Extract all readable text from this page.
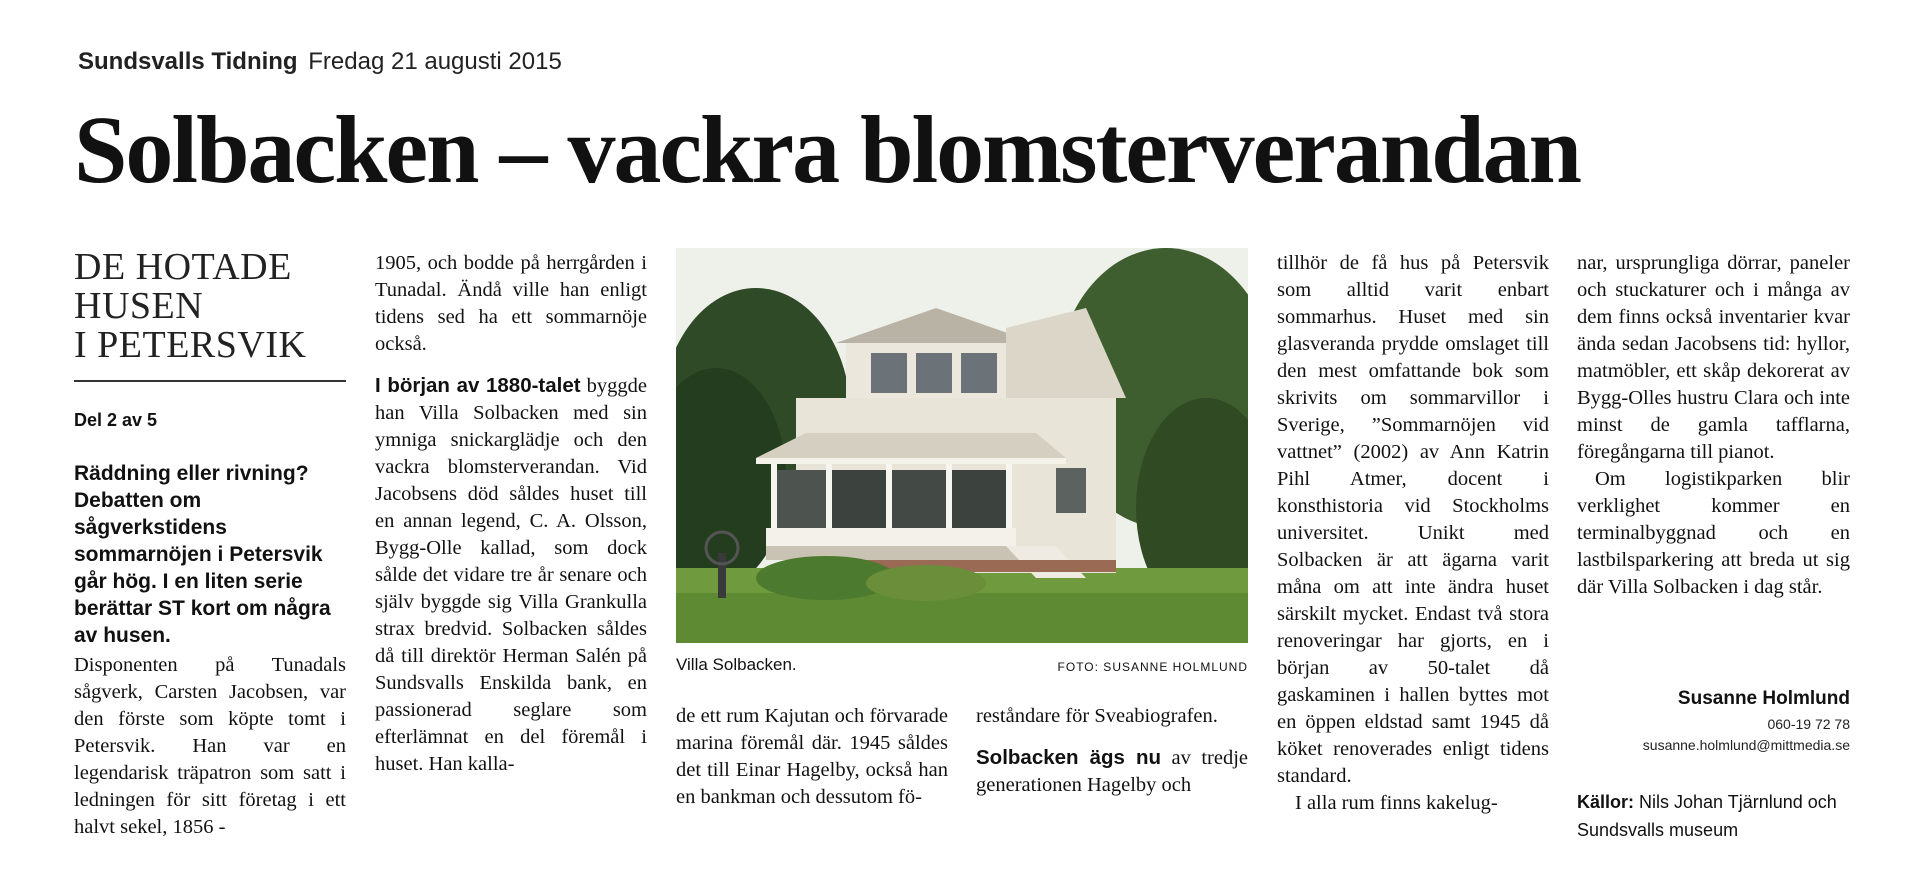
Sundsvalls Tidning Fredag 21 augusti 2015
Solbacken – vackra blomsterverandan
DE HOTADE
HUSEN
I PETERSVIK
Del 2 av 5
Räddning eller rivning? Debatten om sågverkstidens sommarnöjen i Petersvik går hög. I en liten serie berättar ST kort om några av husen.

Disponenten på Tunadals sågverk, Carsten Jacobsen, var den förste som köpte tomt i Petersvik. Han var en legendarisk träpatron som satt i ledningen för sitt företag i ett halvt sekel, 1856 -

1905, och bodde på herrgården i Tunadal. Ändå ville han enligt tidens sed ha ett sommarnöje också.

I början av 1880-talet byggde han Villa Solbacken med sin ymniga snickarglädje och den vackra blomsterverandan. Vid Jacobsens död såldes huset till en annan legend, C. A. Olsson, Bygg-Olle kallad, som dock sålde det vidare tre år senare och själv byggde sig Villa Grankulla strax bredvid. Solbacken såldes då till direktör Herman Salén på Sundsvalls Enskilda bank, en passionerad seglare som efterlämnat en del föremål i huset. Han kalla-

Villa Solbacken.	FOTO: SUSANNE HOLMLUND

de ett rum Kajutan och förvarade marina föremål där. 1945 såldes det till Einar Hagelby, också han en bankman och dessutom fö-

reståndare för Sveabiografen.

Solbacken ägs nu av tredje generationen Hagelby och

tillhör de få hus på Petersvik som alltid varit enbart sommarhus. Huset med sin glasveranda prydde omslaget till den mest omfattande bok som skrivits om sommarvillor i Sverige, ”Sommarnöjen vid vattnet” (2002) av Ann Katrin Pihl Atmer, docent i konsthistoria vid Stockholms universitet. Unikt med Solbacken är att ägarna varit måna om att inte ändra huset särskilt mycket. Endast två stora renoveringar har gjorts, en i början av 50-talet då gaskaminen i hallen byttes mot en öppen eldstad samt 1945 då köket renoverades enligt tidens standard.

I alla rum finns kakelug-

nar, ursprungliga dörrar, paneler och stuckaturer och i många av dem finns också inventarier kvar ända sedan Jacobsens tid: hyllor, matmöbler, ett skåp dekorerat av Bygg-Olles hustru Clara och inte minst de gamla tafflarna, föregångarna till pianot.

Om logistikparken blir verklighet kommer en terminalbyggnad och en lastbilsparkering att breda ut sig där Villa Solbacken i dag står.

Susanne Holmlund
060-19 72 78
susanne.holmlund@mittmedia.se
Källor: Nils Johan Tjärnlund och Sundsvalls museum
